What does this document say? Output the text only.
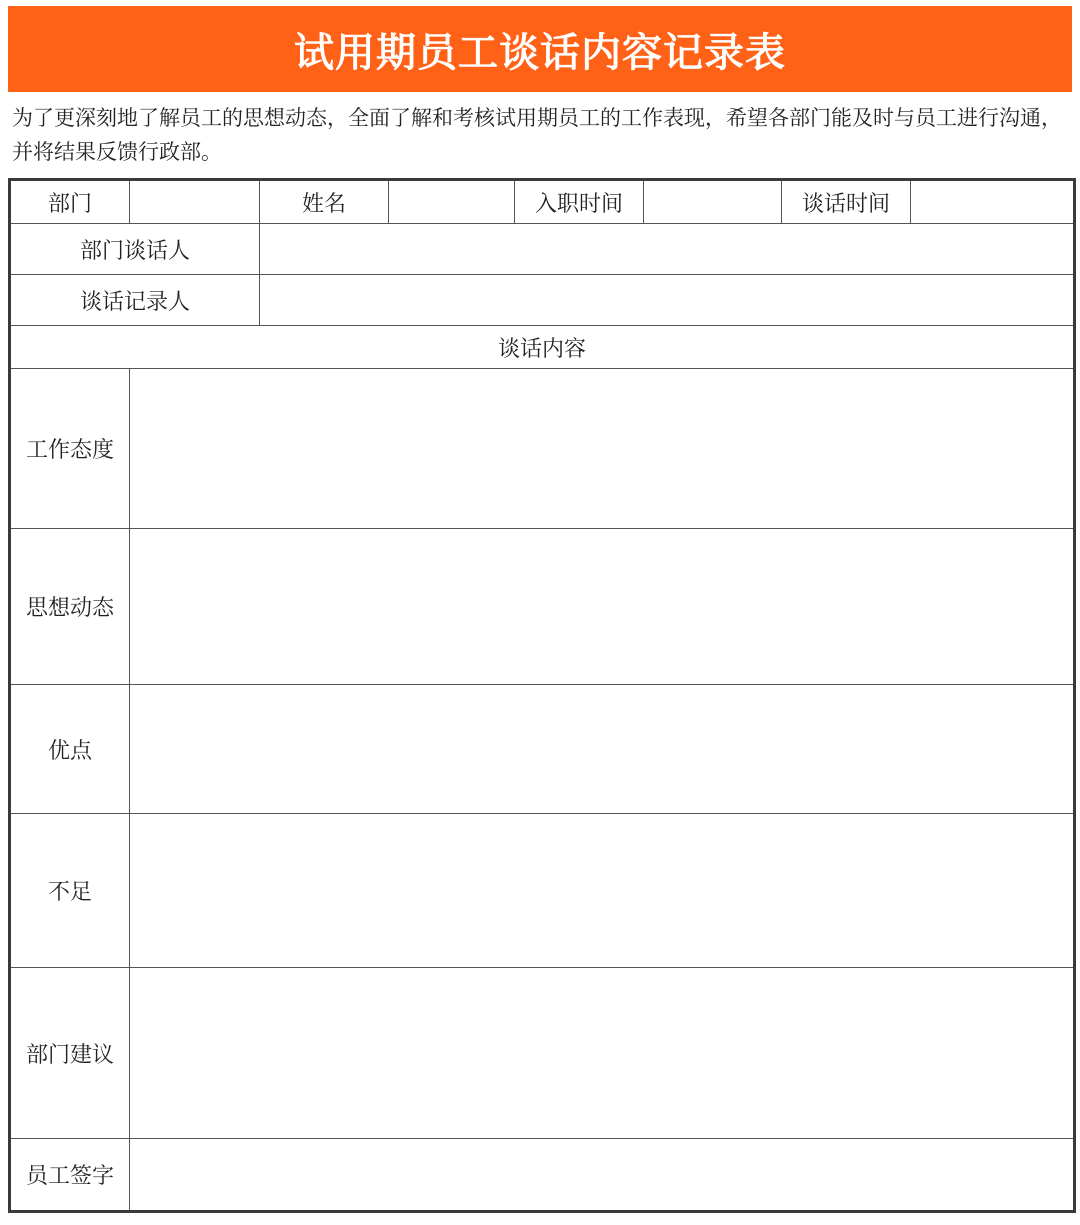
试用期员工谈话内容记录表
为了更深刻地了解员工的思想动态，全面了解和考核试用期员工的工作表现，希望各部门能及时与员工进行沟通，并将结果反馈行政部。
部门		姓名		入职时间		谈话时间	
部门谈话人							
谈话记录人							
谈话内容							
工作态度							
思想动态							
优点							
不足							
部门建议							
员工签字							
